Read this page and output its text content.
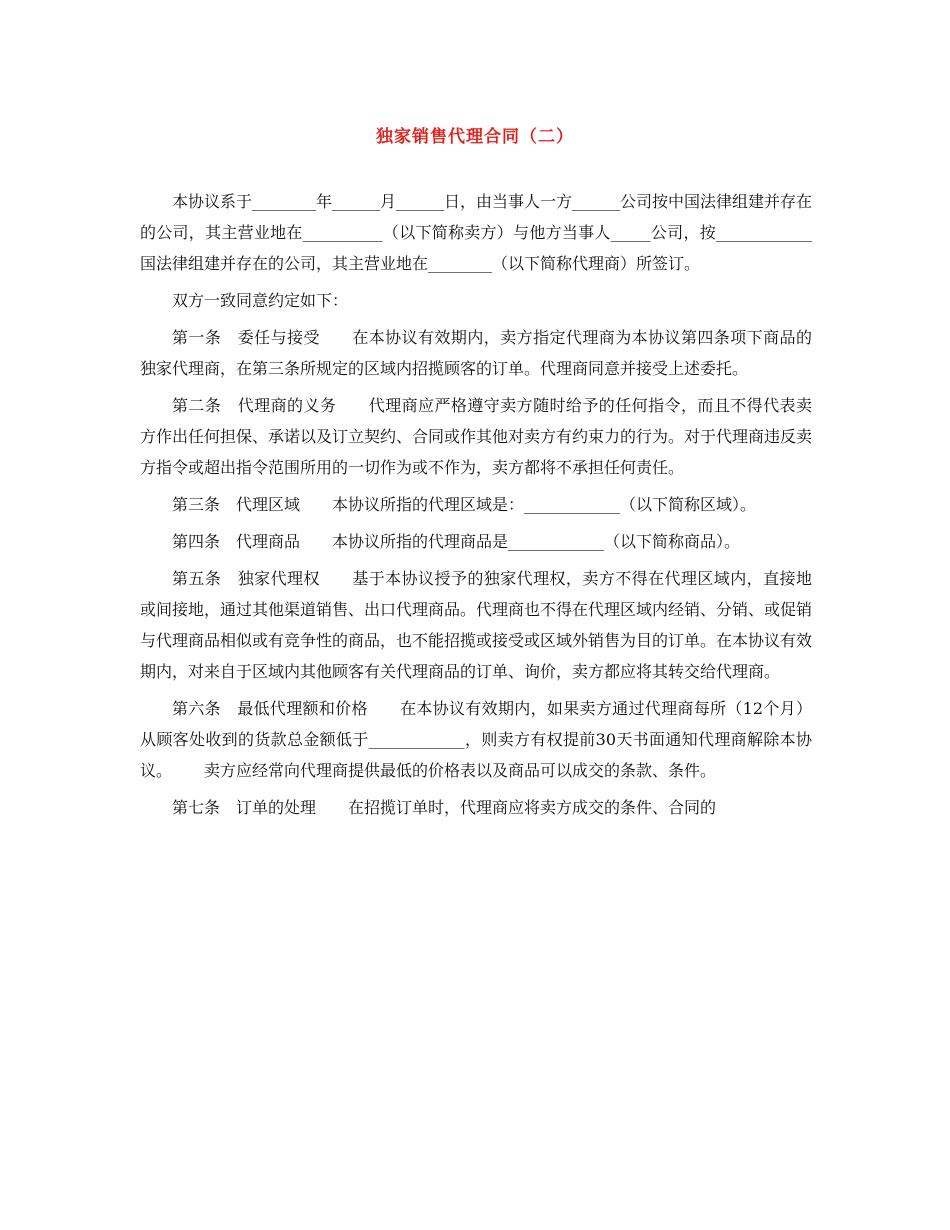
独家销售代理合同（二）

本协议系于________年______月______日，由当事人一方______公司按中国法律组建并存在的公司，其主营业地在__________（以下简称卖方）与他方当事人_____公司，按____________国法律组建并存在的公司，其主营业地在________（以下简称代理商）所签订。

双方一致同意约定如下：

第一条 委任与接受 在本协议有效期内，卖方指定代理商为本协议第四条项下商品的独家代理商，在第三条所规定的区域内招揽顾客的订单。代理商同意并接受上述委托。

第二条 代理商的义务 代理商应严格遵守卖方随时给予的任何指令，而且不得代表卖方作出任何担保、承诺以及订立契约、合同或作其他对卖方有约束力的行为。对于代理商违反卖方指令或超出指令范围所用的一切作为或不作为，卖方都将不承担任何责任。

第三条 代理区域 本协议所指的代理区域是：____________（以下简称区域）。

第四条 代理商品 本协议所指的代理商品是____________（以下简称商品）。

第五条 独家代理权 基于本协议授予的独家代理权，卖方不得在代理区域内，直接地或间接地，通过其他渠道销售、出口代理商品。代理商也不得在代理区域内经销、分销、或促销与代理商品相似或有竞争性的商品，也不能招揽或接受或区域外销售为目的订单。在本协议有效期内，对来自于区域内其他顾客有关代理商品的订单、询价，卖方都应将其转交给代理商。

第六条 最低代理额和价格 在本协议有效期内，如果卖方通过代理商每所（12个月）从顾客处收到的货款总金额低于____________，则卖方有权提前30天书面通知代理商解除本协议。 卖方应经常向代理商提供最低的价格表以及商品可以成交的条款、条件。

第七条 订单的处理 在招揽订单时，代理商应将卖方成交的条件、合同的
